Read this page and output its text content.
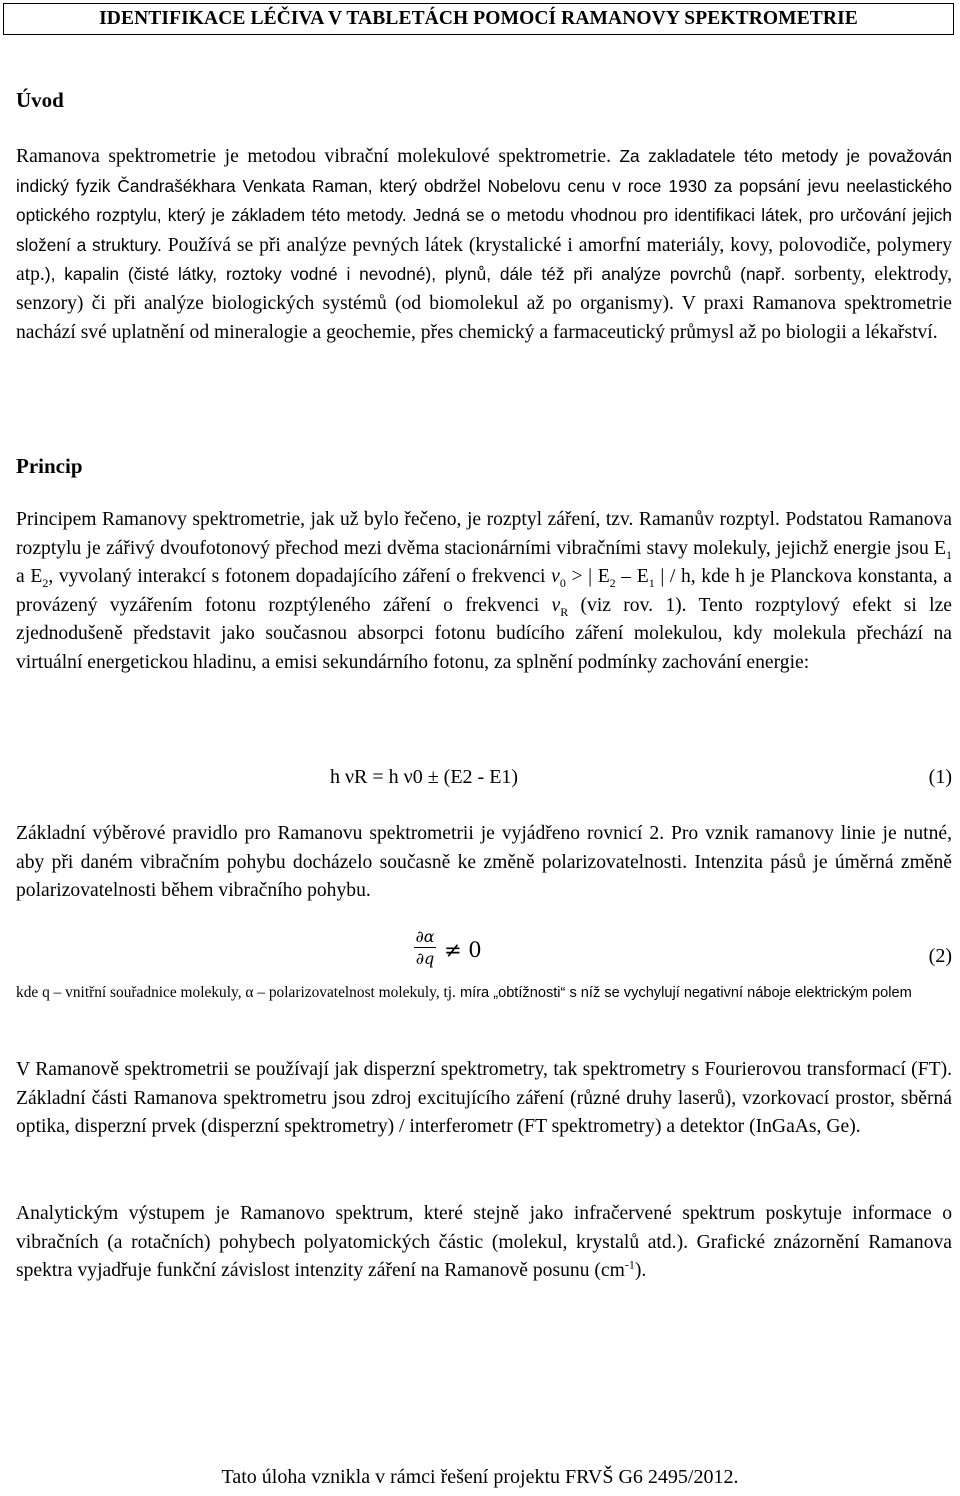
IDENTIFIKACE LÉČIVA V TABLETÁCH POMOCÍ RAMANOVY SPEKTROMETRIE
Úvod

Ramanova spektrometrie je metodou vibrační molekulové spektrometrie. Za zakladatele této metody je považován indický fyzik Čandrašékhara Venkata Raman, který obdržel Nobelovu cenu v roce 1930 za popsání jevu neelastického optického rozptylu, který je základem této metody. Jedná se o metodu vhodnou pro identifikaci látek, pro určování jejich složení a struktury. Používá se při analýze pevných látek (krystalické i amorfní materiály, kovy, polovodiče, polymery atp.), kapalin (čisté látky, roztoky vodné i nevodné), plynů, dále též při analýze povrchů (např. sorbenty, elektrody, senzory) či při analýze biologických systémů (od biomolekul až po organismy). V praxi Ramanova spektrometrie nachází své uplatnění od mineralogie a geochemie, přes chemický a farmaceutický průmysl až po biologii a lékařství.

Princip

Principem Ramanovy spektrometrie, jak už bylo řečeno, je rozptyl záření, tzv. Ramanův rozptyl. Podstatou Ramanova rozptylu je zářivý dvoufotonový přechod mezi dvěma stacionárními vibračními stavy molekuly, jejichž energie jsou $E_1$ a $E_2$, vyvolaný interakcí s fotonem dopadajícího záření o frekvenci $\nu_0$ > | $E_2 - E_1$ | / h, kde h je Planckova konstanta, a provázený vyzářením fotonu rozptýleného záření o frekvenci $\nu_R$ (viz rov. 1). Tento rozptylový efekt si lze zjednodušeně představit jako současnou absorpci fotonu budícího záření molekulou, kdy molekula přechází na virtuální energetickou hladinu, a emisi sekundárního fotonu, za splnění podmínky zachování energie:

h νR = h ν0 ± (E2 - E1)	(1)

Základní výběrové pravidlo pro Ramanovu spektrometrii je vyjádřeno rovnicí 2. Pro vznik ramanovy linie je nutné, aby při daném vibračním pohybu docházelo současně ke změně polarizovatelnosti. Intenzita pásů je úměrná změně polarizovatelnosti během vibračního pohybu.

∂α
∂q ≠ 0	(2)

kde q – vnitřní souřadnice molekuly, α – polarizovatelnost molekuly, tj. míra „obtížnosti“ s níž se vychylují negativní náboje elektrickým polem

V Ramanově spektrometrii se používají jak disperzní spektrometry, tak spektrometry s Fourierovou transformací (FT). Základní části Ramanova spektrometru jsou zdroj excitujícího záření (různé druhy laserů), vzorkovací prostor, sběrná optika, disperzní prvek (disperzní spektrometry) / interferometr (FT spektrometry) a detektor (InGaAs, Ge).

Analytickým výstupem je Ramanovo spektrum, které stejně jako infračervené spektrum poskytuje informace o vibračních (a rotačních) pohybech polyatomických částic (molekul, krystalů atd.). Grafické znázornění Ramanova spektra vyjadřuje funkční závislost intenzity záření na Ramanově posunu $(cm^{-1})$.

Tato úloha vznikla v rámci řešení projektu FRVŠ G6 2495/2012.
